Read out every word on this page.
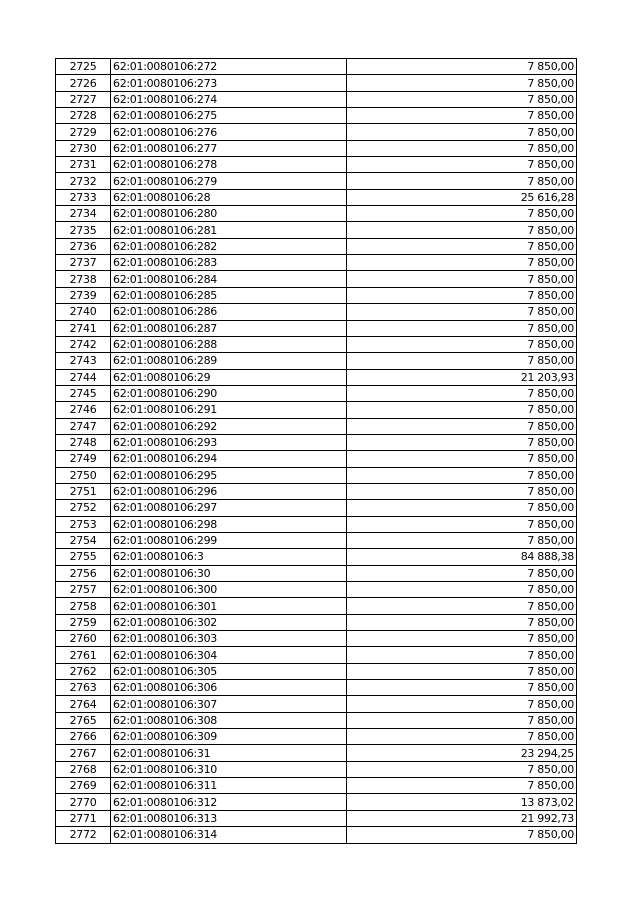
2725	62:01:0080106:272	7 850,00
2726	62:01:0080106:273	7 850,00
2727	62:01:0080106:274	7 850,00
2728	62:01:0080106:275	7 850,00
2729	62:01:0080106:276	7 850,00
2730	62:01:0080106:277	7 850,00
2731	62:01:0080106:278	7 850,00
2732	62:01:0080106:279	7 850,00
2733	62:01:0080106:28	25 616,28
2734	62:01:0080106:280	7 850,00
2735	62:01:0080106:281	7 850,00
2736	62:01:0080106:282	7 850,00
2737	62:01:0080106:283	7 850,00
2738	62:01:0080106:284	7 850,00
2739	62:01:0080106:285	7 850,00
2740	62:01:0080106:286	7 850,00
2741	62:01:0080106:287	7 850,00
2742	62:01:0080106:288	7 850,00
2743	62:01:0080106:289	7 850,00
2744	62:01:0080106:29	21 203,93
2745	62:01:0080106:290	7 850,00
2746	62:01:0080106:291	7 850,00
2747	62:01:0080106:292	7 850,00
2748	62:01:0080106:293	7 850,00
2749	62:01:0080106:294	7 850,00
2750	62:01:0080106:295	7 850,00
2751	62:01:0080106:296	7 850,00
2752	62:01:0080106:297	7 850,00
2753	62:01:0080106:298	7 850,00
2754	62:01:0080106:299	7 850,00
2755	62:01:0080106:3	84 888,38
2756	62:01:0080106:30	7 850,00
2757	62:01:0080106:300	7 850,00
2758	62:01:0080106:301	7 850,00
2759	62:01:0080106:302	7 850,00
2760	62:01:0080106:303	7 850,00
2761	62:01:0080106:304	7 850,00
2762	62:01:0080106:305	7 850,00
2763	62:01:0080106:306	7 850,00
2764	62:01:0080106:307	7 850,00
2765	62:01:0080106:308	7 850,00
2766	62:01:0080106:309	7 850,00
2767	62:01:0080106:31	23 294,25
2768	62:01:0080106:310	7 850,00
2769	62:01:0080106:311	7 850,00
2770	62:01:0080106:312	13 873,02
2771	62:01:0080106:313	21 992,73
2772	62:01:0080106:314	7 850,00
